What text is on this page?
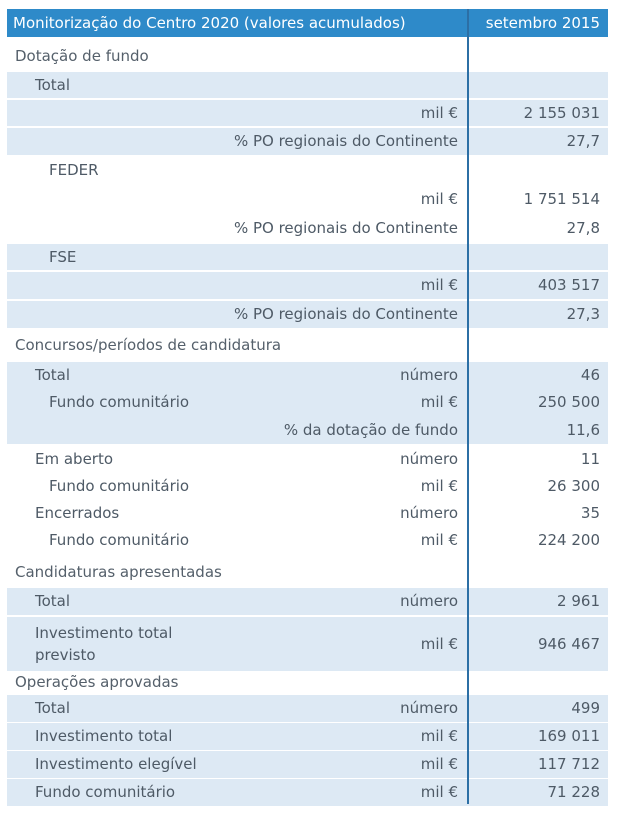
Monitorização do Centro 2020 (valores acumulados)	setembro 2015
Dotação de fundo
Total
mil €	2 155 031
% PO regionais do Continente	27,7
FEDER
mil €	1 751 514
% PO regionais do Continente	27,8
FSE
mil €	403 517
% PO regionais do Continente	27,3
Concursos/períodos de candidatura
Total	número	46
Fundo comunitário	mil €	250 500
% da dotação de fundo	11,6
Em aberto	número	11
Fundo comunitário	mil €	26 300
Encerrados	número	35
Fundo comunitário	mil €	224 200
Candidaturas apresentadas
Total	número	2 961
Investimento total previsto
mil €	946 467
Operações aprovadas
Total	número	499
Investimento total	mil €	169 011
Investimento elegível	mil €	117 712
Fundo comunitário	mil €	71 228
